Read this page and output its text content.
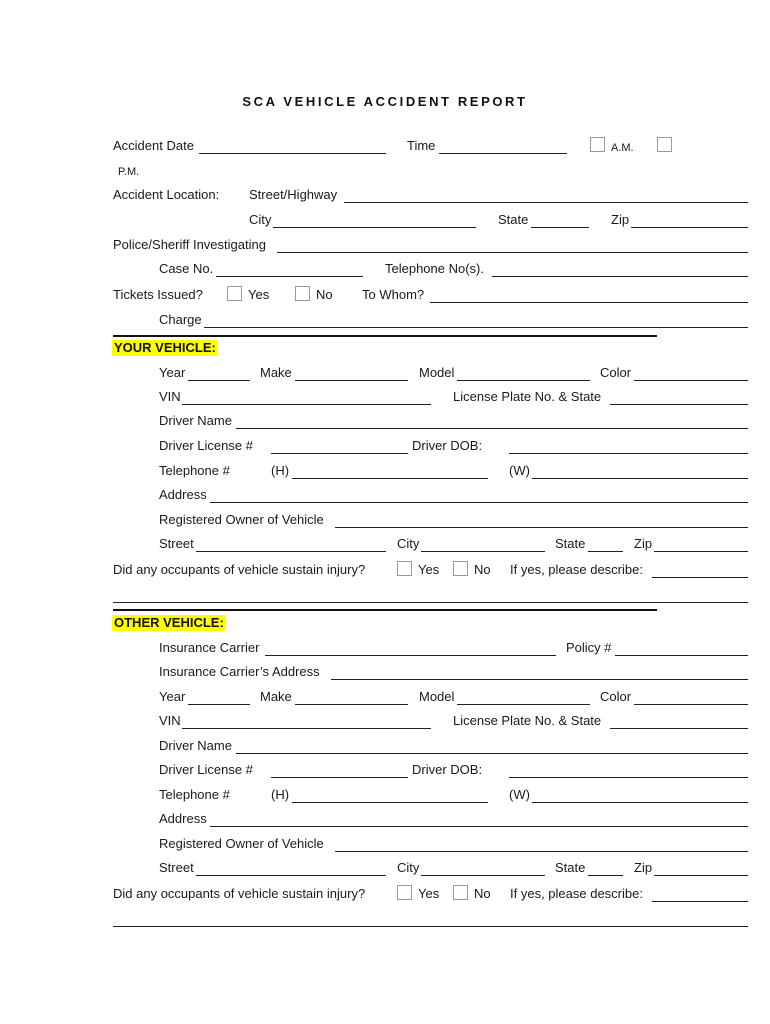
SCA VEHICLE ACCIDENT REPORT
Accident Date	Time	A.M.
P.M.
Accident Location: Street/Highway
City	State	Zip
Police/Sheriff Investigating
Case No.	Telephone No(s).
Tickets Issued?	Yes	No To Whom?
Charge
YOUR VEHICLE:
Year	Make	Model	Color
VIN	License Plate No. & State
Driver Name
Driver License #	Driver DOB:
Telephone #	(H)	(W)
Address
Registered Owner of Vehicle
Street	City	State	Zip
Did any occupants of vehicle sustain injury?	Yes	No If yes, please describe:
OTHER VEHICLE:
Insurance Carrier	Policy #
Insurance Carrier’s Address
Year	Make	Model	Color
VIN	License Plate No. & State
Driver Name
Driver License #	Driver DOB:
Telephone #	(H)	(W)
Address
Registered Owner of Vehicle
Street	City	State	Zip
Did any occupants of vehicle sustain injury?	Yes	No If yes, please describe:
